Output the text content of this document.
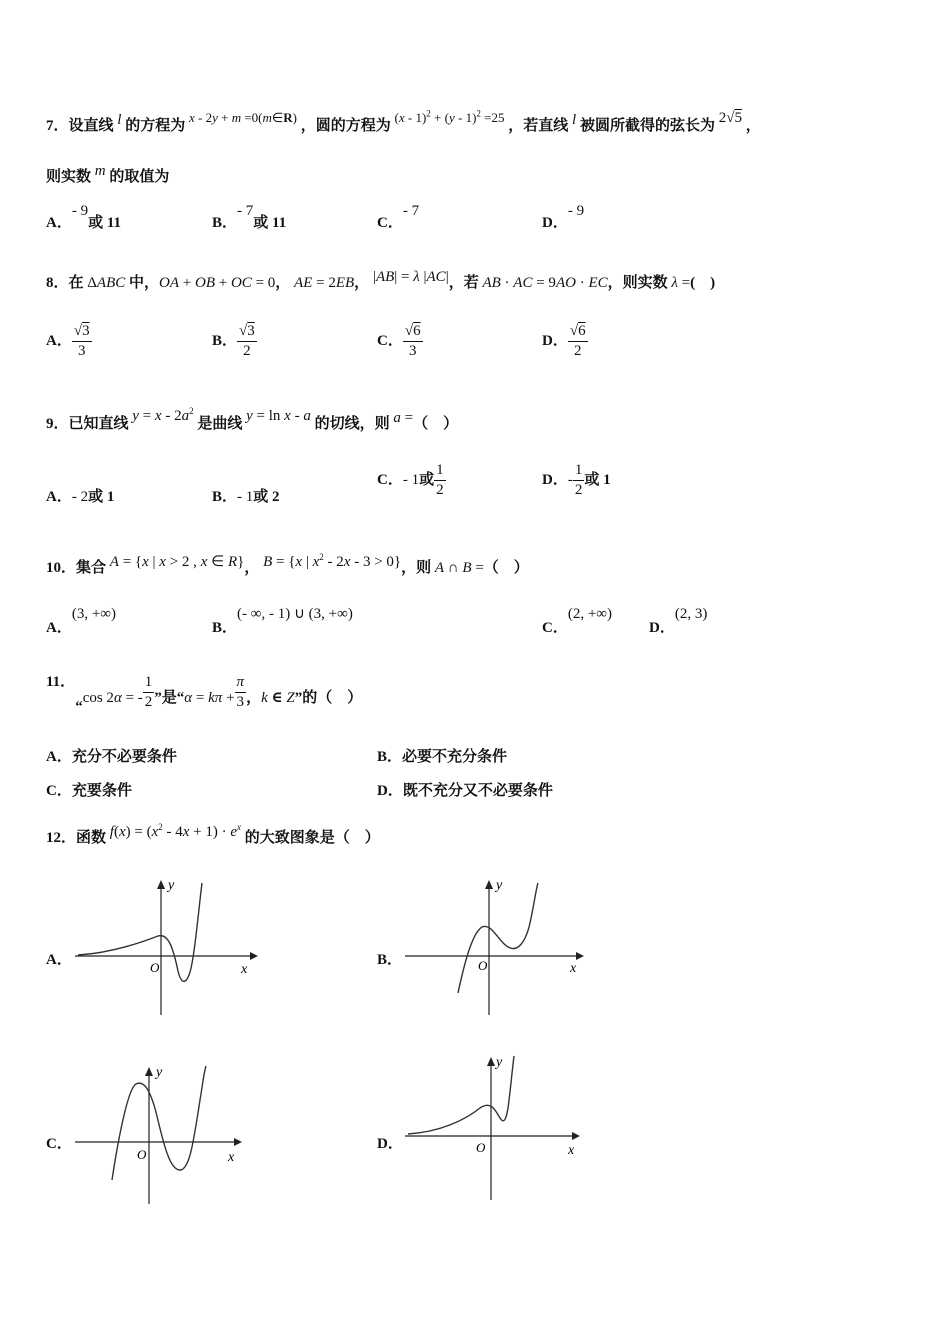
7．设直线 l 的方程为 x - 2y + m =0(m∈R) ，圆的方程为 (x - 1)$^2$ + (y - 1)$^2$ =25 ，若直线 l 被圆所截得的弦长为 2√5 ，
则实数 m 的取值为
A．- 9或 11	B．- 7或 11	C．- 7
D．- 9
8．在 ΔABC 中，OA + OB + OC = 0， AE = 2EB， |AB| = λ |AC|，若 AB · AC = 9AO · EC，则实数 λ =(　)
A． $\frac{√3}{3}$	B． $\frac{√3}{2}$	C． $\frac{√6}{3}$	D． $\frac{√6}{2}$
9．已知直线 $y = x - 2a^2$ 是曲线 y = ln x - a 的切线，则 a =（　）
A．- 2或 1	B．- 1或 2
C．- 1或 $\frac{1}{2}$	D．- $\frac{1}{2}$ 或 1
10．集合 A = {x | x > 2 , x ∈ R}， B = {x | $x^2 - 2x - 3 > 0$}，则 A ∩ B =（　）
A．(3, +∞)
B．(- ∞, - 1) ∪ (3, +∞)
C．(2, +∞)
D．(2, 3)
11．“cos 2α = - $\frac{1}{2}$ ”是“$\alpha = k\pi + \frac{\pi}{3}$ ，k ∈ Z”的（　）
A．充分不必要条件	B．必要不充分条件
C．充要条件	D．既不充分又不必要条件
12．函数 $f(x) = (x^2 - 4x + 1) \cdot e^x$ 的大致图象是（　）
A．
y
x
O	B．
y
x
O
C．
y
x
O
D．
y
x
O
